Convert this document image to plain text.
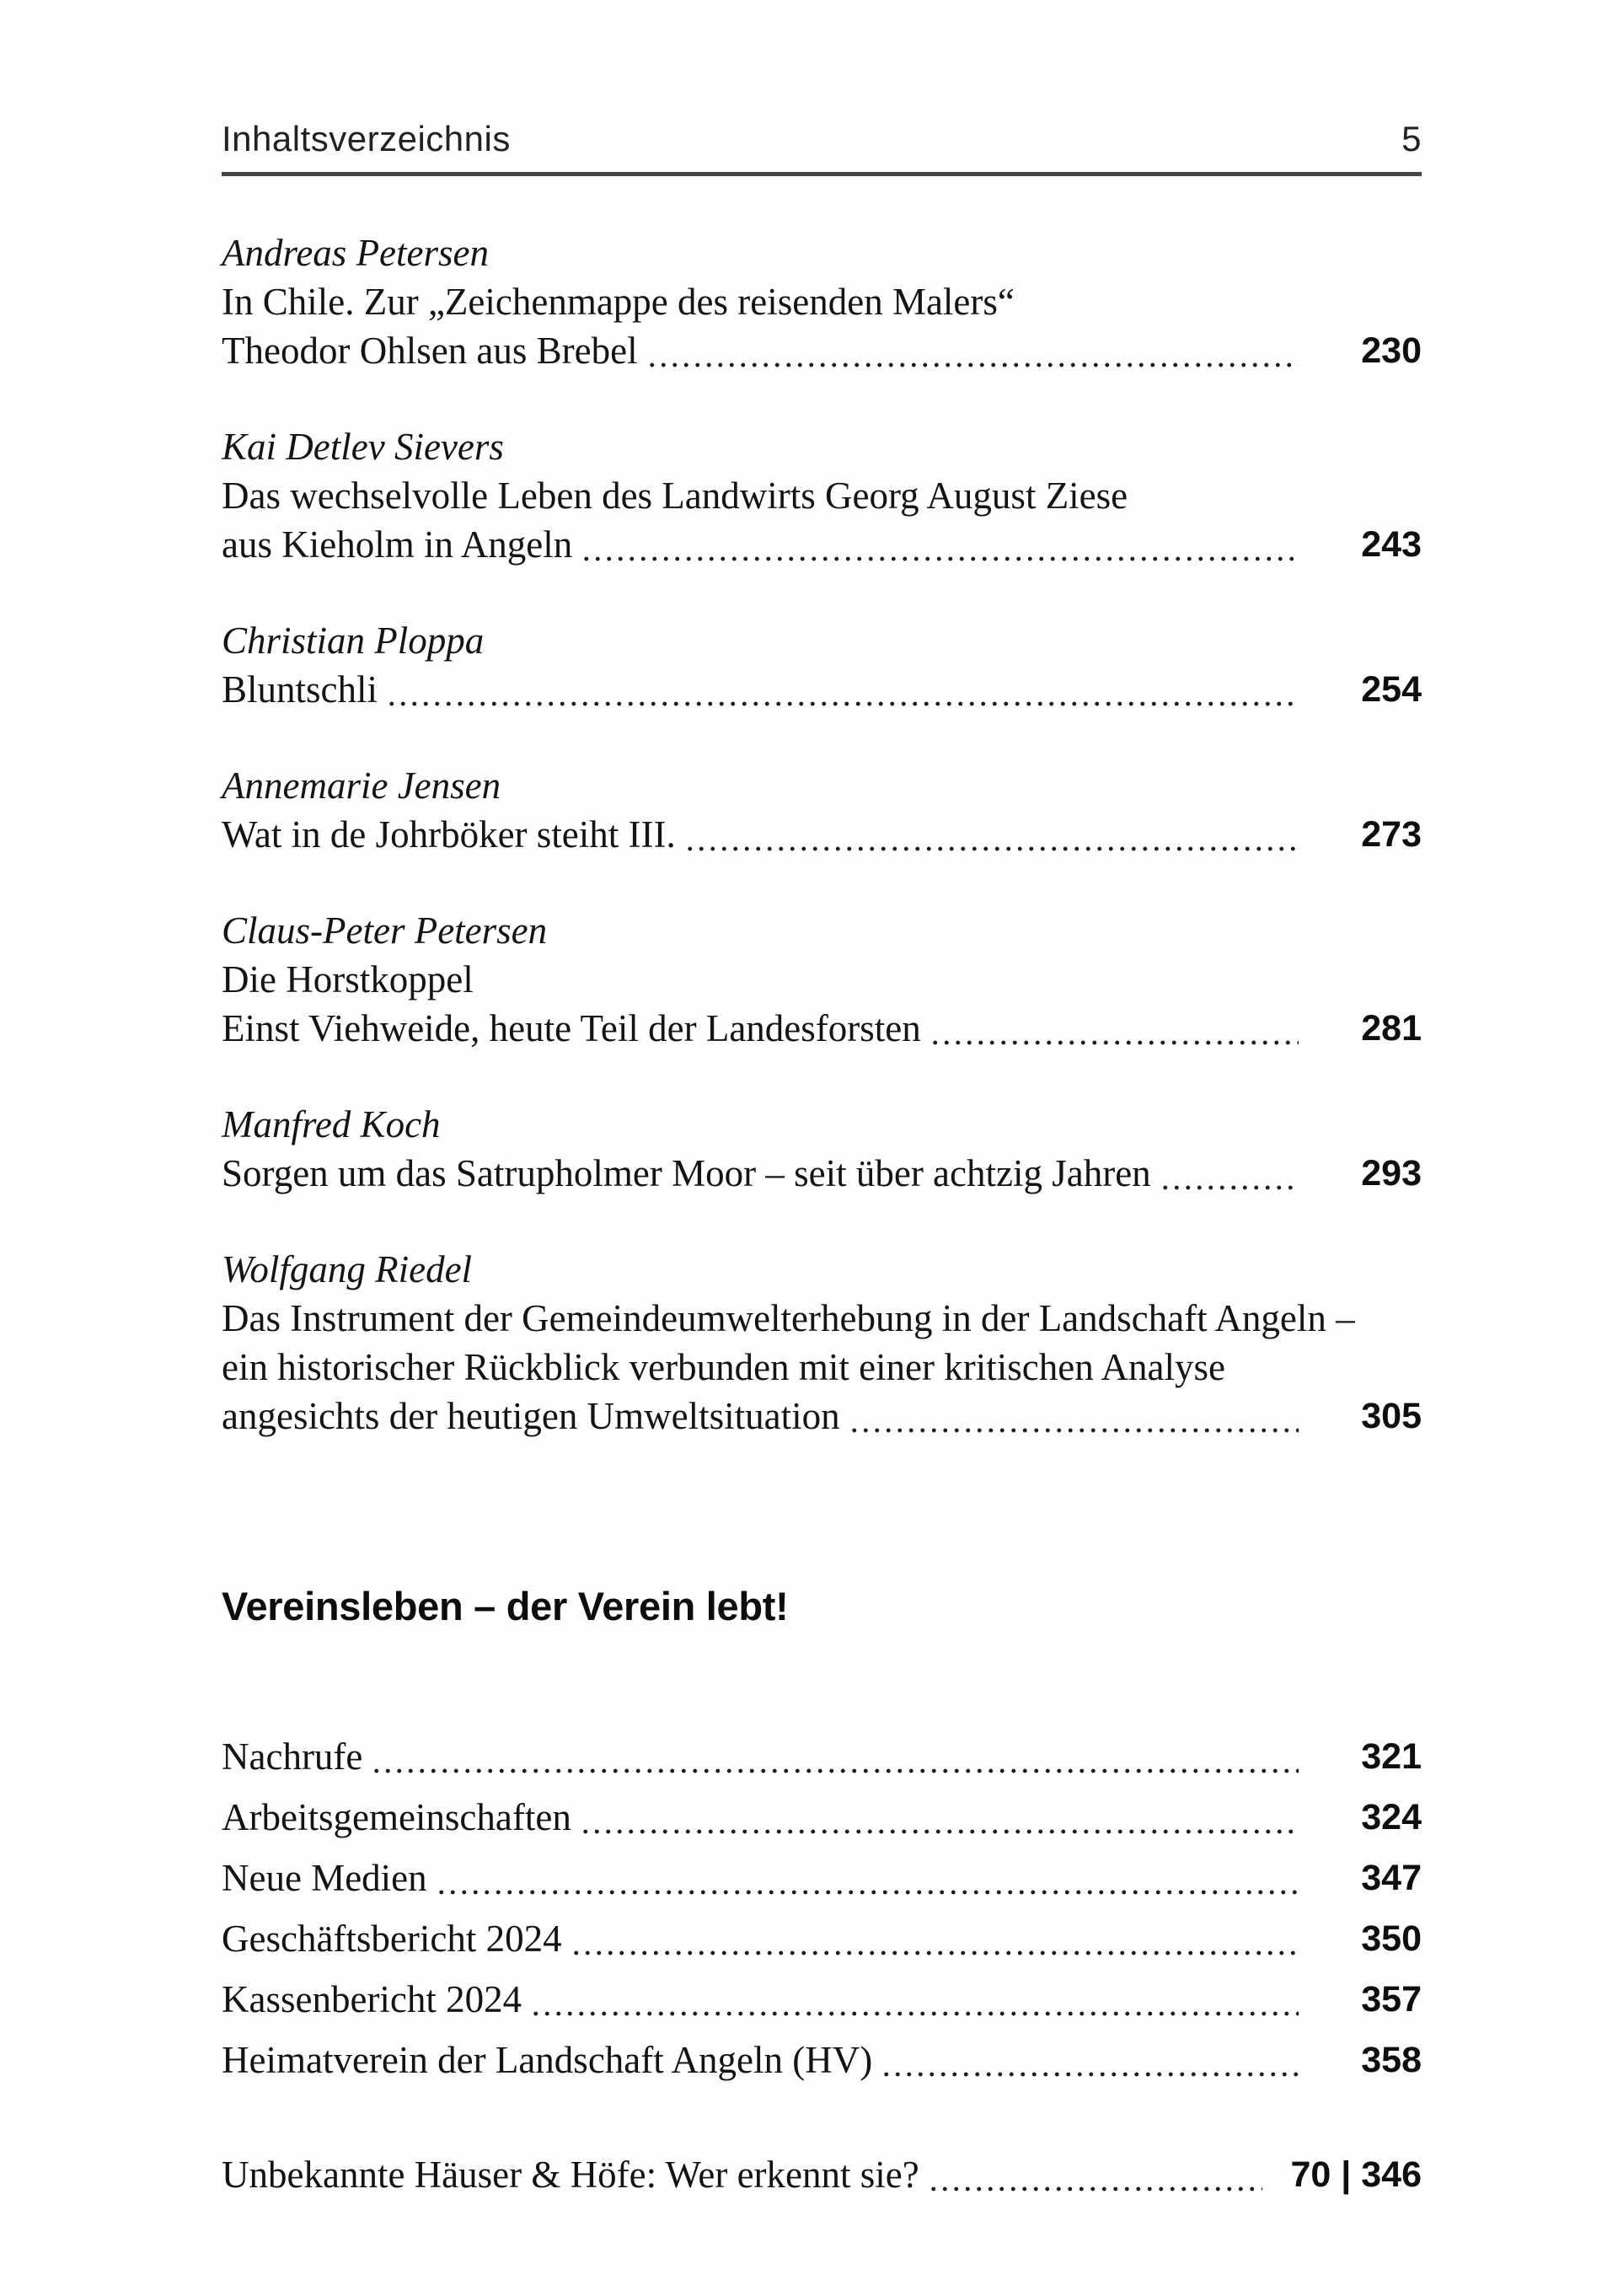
Inhaltsverzeichnis	5
Andreas Petersen
In Chile. Zur „Zeichenmappe des reisenden Malers“
Theodor Ohlsen aus Brebel	230
Kai Detlev Sievers
Das wechselvolle Leben des Landwirts Georg August Ziese
aus Kieholm in Angeln	243
Christian Ploppa
Bluntschli	254
Annemarie Jensen
Wat in de Johrböker steiht III.	273
Claus-Peter Petersen
Die Horstkoppel
Einst Viehweide, heute Teil der Landesforsten	281
Manfred Koch
Sorgen um das Satrupholmer Moor – seit über achtzig Jahren	293
Wolfgang Riedel
Das Instrument der Gemeindeumwelterhebung in der Landschaft Angeln –
ein historischer Rückblick verbunden mit einer kritischen Analyse
angesichts der heutigen Umweltsituation	305
Vereinsleben – der Verein lebt!
Nachrufe	321
Arbeitsgemeinschaften	324
Neue Medien	347
Geschäftsbericht 2024	350
Kassenbericht 2024	357
Heimatverein der Landschaft Angeln (HV)	358
Unbekannte Häuser & Höfe: Wer erkennt sie?	70 | 346
